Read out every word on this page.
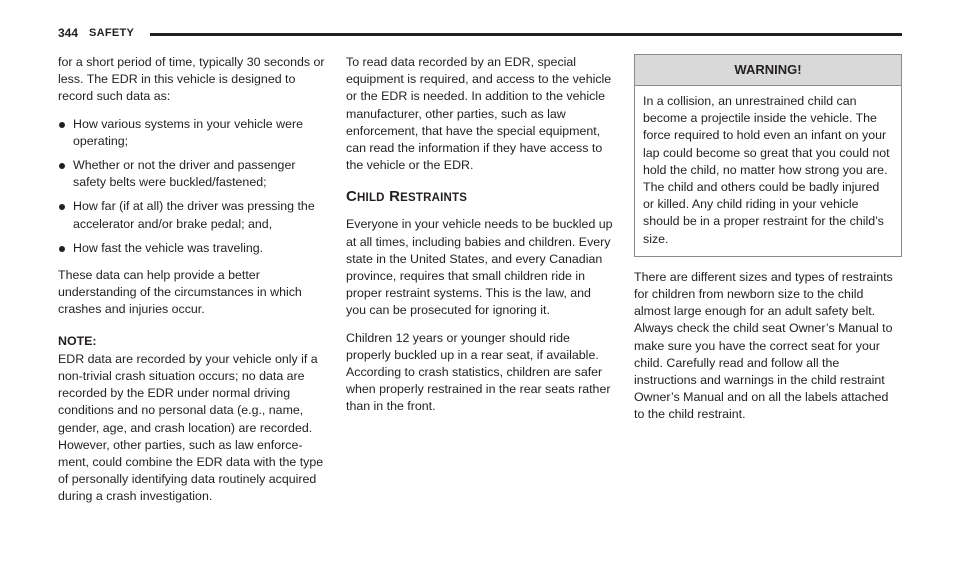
344 SAFETY

for a short period of time, typically 30 seconds or less. The EDR in this vehicle is designed to record such data as:

How various systems in your vehicle were operating;
Whether or not the driver and passenger safety belts were buckled/fastened;
How far (if at all) the driver was pressing the accelerator and/or brake pedal; and,
How fast the vehicle was traveling.

These data can help provide a better understanding of the circumstances in which crashes and injuries occur.

NOTE:

EDR data are recorded by your vehicle only if a non-trivial crash situation occurs; no data are recorded by the EDR under normal driving conditions and no personal data (e.g., name, gender, age, and crash location) are recorded. However, other parties, such as law enforce-ment, could combine the EDR data with the type of personally identifying data routinely acquired during a crash investigation.

To read data recorded by an EDR, special equipment is required, and access to the vehicle or the EDR is needed. In addition to the vehicle manufacturer, other parties, such as law enforcement, that have the special equipment, can read the information if they have access to the vehicle or the EDR.

CHILD RESTRAINTS

Everyone in your vehicle needs to be buckled up at all times, including babies and children. Every state in the United States, and every Canadian province, requires that small children ride in proper restraint systems. This is the law, and you can be prosecuted for ignoring it.

Children 12 years or younger should ride properly buckled up in a rear seat, if available. According to crash statistics, children are safer when properly restrained in the rear seats rather than in the front.

WARNING!
In a collision, an unrestrained child can become a projectile inside the vehicle. The force required to hold even an infant on your lap could become so great that you could not hold the child, no matter how strong you are. The child and others could be badly injured or killed. Any child riding in your vehicle should be in a proper restraint for the child’s size.

There are different sizes and types of restraints for children from newborn size to the child almost large enough for an adult safety belt. Always check the child seat Owner’s Manual to make sure you have the correct seat for your child. Carefully read and follow all the instructions and warnings in the child restraint Owner’s Manual and on all the labels attached to the child restraint.
